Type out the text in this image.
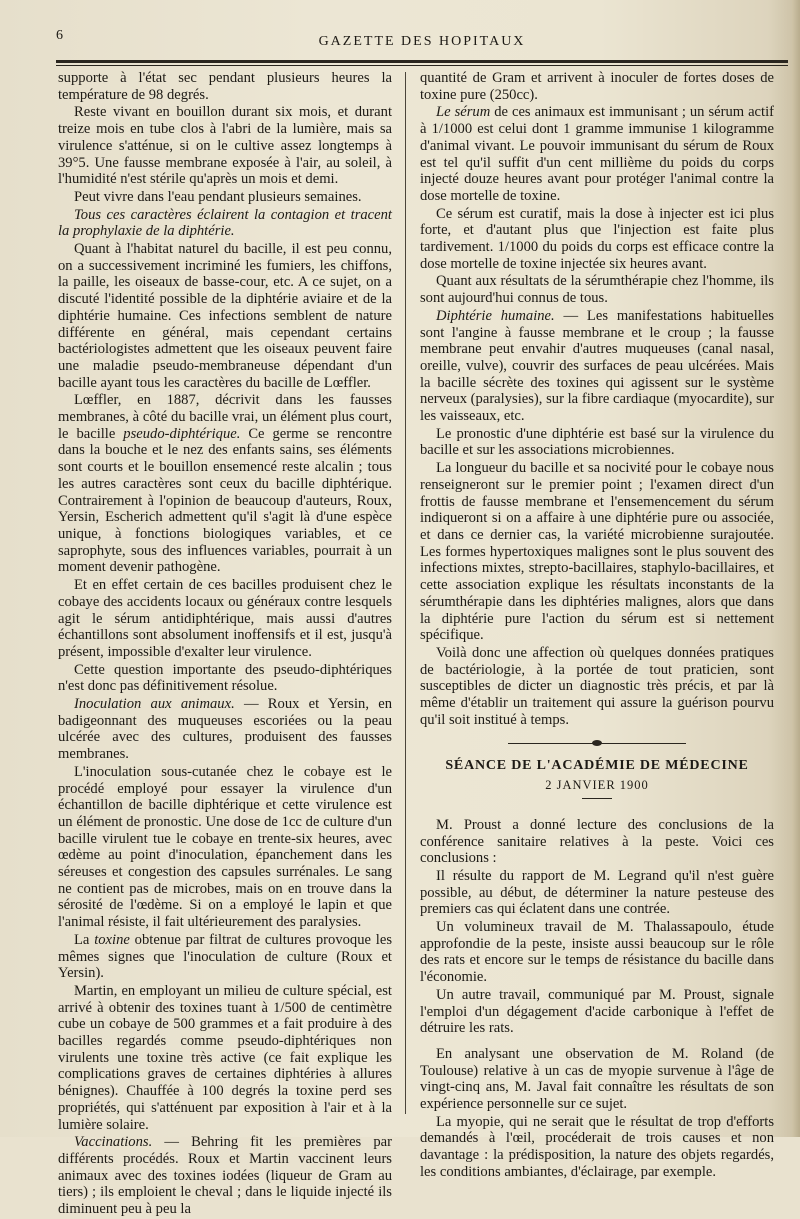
6	GAZETTE DES HOPITAUX

supporte à l'état sec pendant plusieurs heures la température de 98 degrés.

Reste vivant en bouillon durant six mois, et durant treize mois en tube clos à l'abri de la lumière, mais sa virulence s'atténue, si on le cultive assez longtemps à 39°5. Une fausse membrane exposée à l'air, au soleil, à l'humidité n'est stérile qu'après un mois et demi.

Peut vivre dans l'eau pendant plusieurs semaines.

Tous ces caractères éclairent la contagion et tracent la prophylaxie de la diphtérie.

Quant à l'habitat naturel du bacille, il est peu connu, on a successivement incriminé les fumiers, les chiffons, la paille, les oiseaux de basse-cour, etc. A ce sujet, on a discuté l'identité possible de la diphtérie aviaire et de la diphtérie humaine. Ces infections semblent de nature différente en général, mais cependant certains bactériologistes admettent que les oiseaux peuvent faire une maladie pseudo-membraneuse dépendant d'un bacille ayant tous les caractères du bacille de Lœffler.

Lœffler, en 1887, décrivit dans les fausses membranes, à côté du bacille vrai, un élément plus court, le bacille pseudo-diphtérique. Ce germe se rencontre dans la bouche et le nez des enfants sains, ses éléments sont courts et le bouillon ensemencé reste alcalin ; tous les autres caractères sont ceux du bacille diphtérique. Contrairement à l'opinion de beaucoup d'auteurs, Roux, Yersin, Escherich admettent qu'il s'agit là d'une espèce unique, à fonctions biologiques variables, et ce saprophyte, sous des influences variables, pourrait à un moment devenir pathogène.

Et en effet certain de ces bacilles produisent chez le cobaye des accidents locaux ou généraux contre lesquels agit le sérum antidiphtérique, mais aussi d'autres échantillons sont absolument inoffensifs et il est, jusqu'à présent, impossible d'exalter leur virulence.

Cette question importante des pseudo-diphtériques n'est donc pas définitivement résolue.

Inoculation aux animaux. — Roux et Yersin, en badigeonnant des muqueuses escoriées ou la peau ulcérée avec des cultures, produisent des fausses membranes.

L'inoculation sous-cutanée chez le cobaye est le procédé employé pour essayer la virulence d'un échantillon de bacille diphtérique et cette virulence est un élément de pronostic. Une dose de 1cc de culture d'un bacille virulent tue le cobaye en trente-six heures, avec œdème au point d'inoculation, épanchement dans les séreuses et congestion des capsules surrénales. Le sang ne contient pas de microbes, mais on en trouve dans la sérosité de l'œdème. Si on a employé le lapin et que l'animal résiste, il fait ultérieurement des paralysies.

La toxine obtenue par filtrat de cultures provoque les mêmes signes que l'inoculation de culture (Roux et Yersin).

Martin, en employant un milieu de culture spécial, est arrivé à obtenir des toxines tuant à 1/500 de centimètre cube un cobaye de 500 grammes et a fait produire à des bacilles regardés comme pseudo-diphtériques non virulents une toxine très active (ce fait explique les complications graves de certaines diphtéries à allures bénignes). Chauffée à 100 degrés la toxine perd ses propriétés, qui s'atténuent par exposition à l'air et à la lumière solaire.

Vaccinations. — Behring fit les premières par différents procédés. Roux et Martin vaccinent leurs animaux avec des toxines iodées (liqueur de Gram au tiers) ; ils emploient le cheval ; dans le liquide injecté ils diminuent peu à peu la

quantité de Gram et arrivent à inoculer de fortes doses de toxine pure (250cc).

Le sérum de ces animaux est immunisant ; un sérum actif à 1/1000 est celui dont 1 gramme immunise 1 kilogramme d'animal vivant. Le pouvoir immunisant du sérum de Roux est tel qu'il suffit d'un cent millième du poids du corps injecté douze heures avant pour protéger l'animal contre la dose mortelle de toxine.

Ce sérum est curatif, mais la dose à injecter est ici plus forte, et d'autant plus que l'injection est faite plus tardivement. 1/1000 du poids du corps est efficace contre la dose mortelle de toxine injectée six heures avant.

Quant aux résultats de la sérumthérapie chez l'homme, ils sont aujourd'hui connus de tous.

Diphtérie humaine. — Les manifestations habituelles sont l'angine à fausse membrane et le croup ; la fausse membrane peut envahir d'autres muqueuses (canal nasal, oreille, vulve), couvrir des surfaces de peau ulcérées. Mais la bacille sécrète des toxines qui agissent sur le système nerveux (paralysies), sur la fibre cardiaque (myocardite), sur les vaisseaux, etc.

Le pronostic d'une diphtérie est basé sur la virulence du bacille et sur les associations microbiennes.

La longueur du bacille et sa nocivité pour le cobaye nous renseigneront sur le premier point ; l'examen direct d'un frottis de fausse membrane et l'ensemencement du sérum indiqueront si on a affaire à une diphtérie pure ou associée, et dans ce dernier cas, la variété microbienne surajoutée. Les formes hypertoxiques malignes sont le plus souvent des infections mixtes, strepto-bacillaires, staphylo-bacillaires, et cette association explique les résultats inconstants de la sérumthérapie dans les diphtéries malignes, alors que dans la diphtérie pure l'action du sérum est si nettement spécifique.

Voilà donc une affection où quelques données pratiques de bactériologie, à la portée de tout praticien, sont susceptibles de dicter un diagnostic très précis, et par là même d'établir un traitement qui assure la guérison pourvu qu'il soit institué à temps.

SÉANCE DE L'ACADÉMIE DE MÉDECINE
2 JANVIER 1900

M. Proust a donné lecture des conclusions de la conférence sanitaire relatives à la peste. Voici ces conclusions :

Il résulte du rapport de M. Legrand qu'il n'est guère possible, au début, de déterminer la nature pesteuse des premiers cas qui éclatent dans une contrée.

Un volumineux travail de M. Thalassapoulo, étude approfondie de la peste, insiste aussi beaucoup sur le rôle des rats et encore sur le temps de résistance du bacille dans l'économie.

Un autre travail, communiqué par M. Proust, signale l'emploi d'un dégagement d'acide carbonique à l'effet de détruire les rats.

En analysant une observation de M. Roland (de Toulouse) relative à un cas de myopie survenue à l'âge de vingt-cinq ans, M. Javal fait connaître les résultats de son expérience personnelle sur ce sujet.

La myopie, qui ne serait que le résultat de trop d'efforts demandés à l'œil, procéderait de trois causes et non davantage : la prédisposition, la nature des objets regardés, les conditions ambiantes, d'éclairage, par exemple.
